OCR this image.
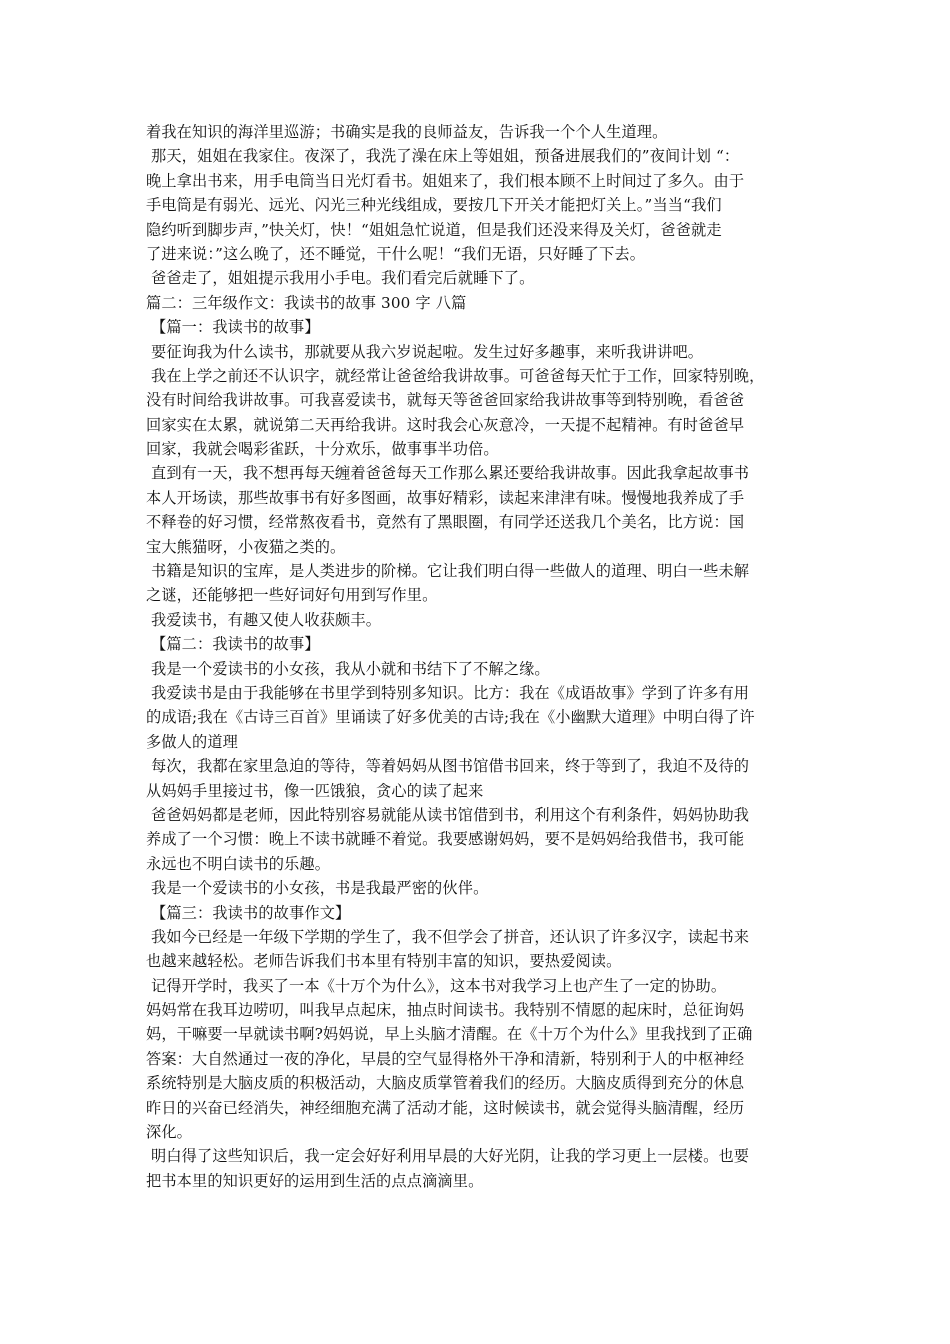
着我在知识的海洋里巡游；书确实是我的良师益友，告诉我一个个人生道理。
那天，姐姐在我家住。夜深了，我洗了澡在床上等姐姐，预备进展我们的”夜间计划 “：
晚上拿出书来，用手电筒当日光灯看书。姐姐来了，我们根本顾不上时间过了多久。由于
手电筒是有弱光、远光、闪光三种光线组成，要按几下开关才能把灯关上。”当当“我们
隐约听到脚步声，”快关灯，快！“姐姐急忙说道，但是我们还没来得及关灯，爸爸就走
了进来说：”这么晚了，还不睡觉，干什么呢！“我们无语，只好睡了下去。
爸爸走了，姐姐提示我用小手电。我们看完后就睡下了。
篇二：三年级作文：我读书的故事 300 字 八篇
【篇一：我读书的故事】
要征询我为什么读书，那就要从我六岁说起啦。发生过好多趣事，来听我讲讲吧。
我在上学之前还不认识字，就经常让爸爸给我讲故事。可爸爸每天忙于工作，回家特别晚，
没有时间给我讲故事。可我喜爱读书，就每天等爸爸回家给我讲故事等到特别晚，看爸爸
回家实在太累，就说第二天再给我讲。这时我会心灰意冷，一天提不起精神。有时爸爸早
回家，我就会喝彩雀跃，十分欢乐，做事事半功倍。
直到有一天，我不想再每天缠着爸爸每天工作那么累还要给我讲故事。因此我拿起故事书
本人开场读，那些故事书有好多图画，故事好精彩，读起来津津有味。慢慢地我养成了手
不释卷的好习惯，经常熬夜看书，竟然有了黑眼圈，有同学还送我几个美名，比方说：国
宝大熊猫呀，小夜猫之类的。
书籍是知识的宝库，是人类进步的阶梯。它让我们明白得一些做人的道理、明白一些未解
之谜，还能够把一些好词好句用到写作里。
我爱读书，有趣又使人收获颇丰。
【篇二：我读书的故事】
我是一个爱读书的小女孩，我从小就和书结下了不解之缘。
我爱读书是由于我能够在书里学到特别多知识。比方：我在《成语故事》学到了许多有用
的成语;我在《古诗三百首》里诵读了好多优美的古诗;我在《小幽默大道理》中明白得了许
多做人的道理
每次，我都在家里急迫的等待，等着妈妈从图书馆借书回来，终于等到了，我迫不及待的
从妈妈手里接过书，像一匹饿狼，贪心的读了起来
爸爸妈妈都是老师，因此特别容易就能从读书馆借到书，利用这个有利条件，妈妈协助我
养成了一个习惯：晚上不读书就睡不着觉。我要感谢妈妈，要不是妈妈给我借书，我可能
永远也不明白读书的乐趣。
我是一个爱读书的小女孩，书是我最严密的伙伴。
【篇三：我读书的故事作文】
我如今已经是一年级下学期的学生了，我不但学会了拼音，还认识了许多汉字，读起书来
也越来越轻松。老师告诉我们书本里有特别丰富的知识，要热爱阅读。
记得开学时，我买了一本《十万个为什么》，这本书对我学习上也产生了一定的协助。
妈妈常在我耳边唠叨，叫我早点起床，抽点时间读书。我特别不情愿的起床时，总征询妈
妈，干嘛要一早就读书啊?妈妈说，早上头脑才清醒。在《十万个为什么》里我找到了正确
答案：大自然通过一夜的净化，早晨的空气显得格外干净和清新，特别利于人的中枢神经
系统特别是大脑皮质的积极活动，大脑皮质掌管着我们的经历。大脑皮质得到充分的休息
昨日的兴奋已经消失，神经细胞充满了活动才能，这时候读书，就会觉得头脑清醒，经历
深化。
明白得了这些知识后，我一定会好好利用早晨的大好光阴，让我的学习更上一层楼。也要
把书本里的知识更好的运用到生活的点点滴滴里。
